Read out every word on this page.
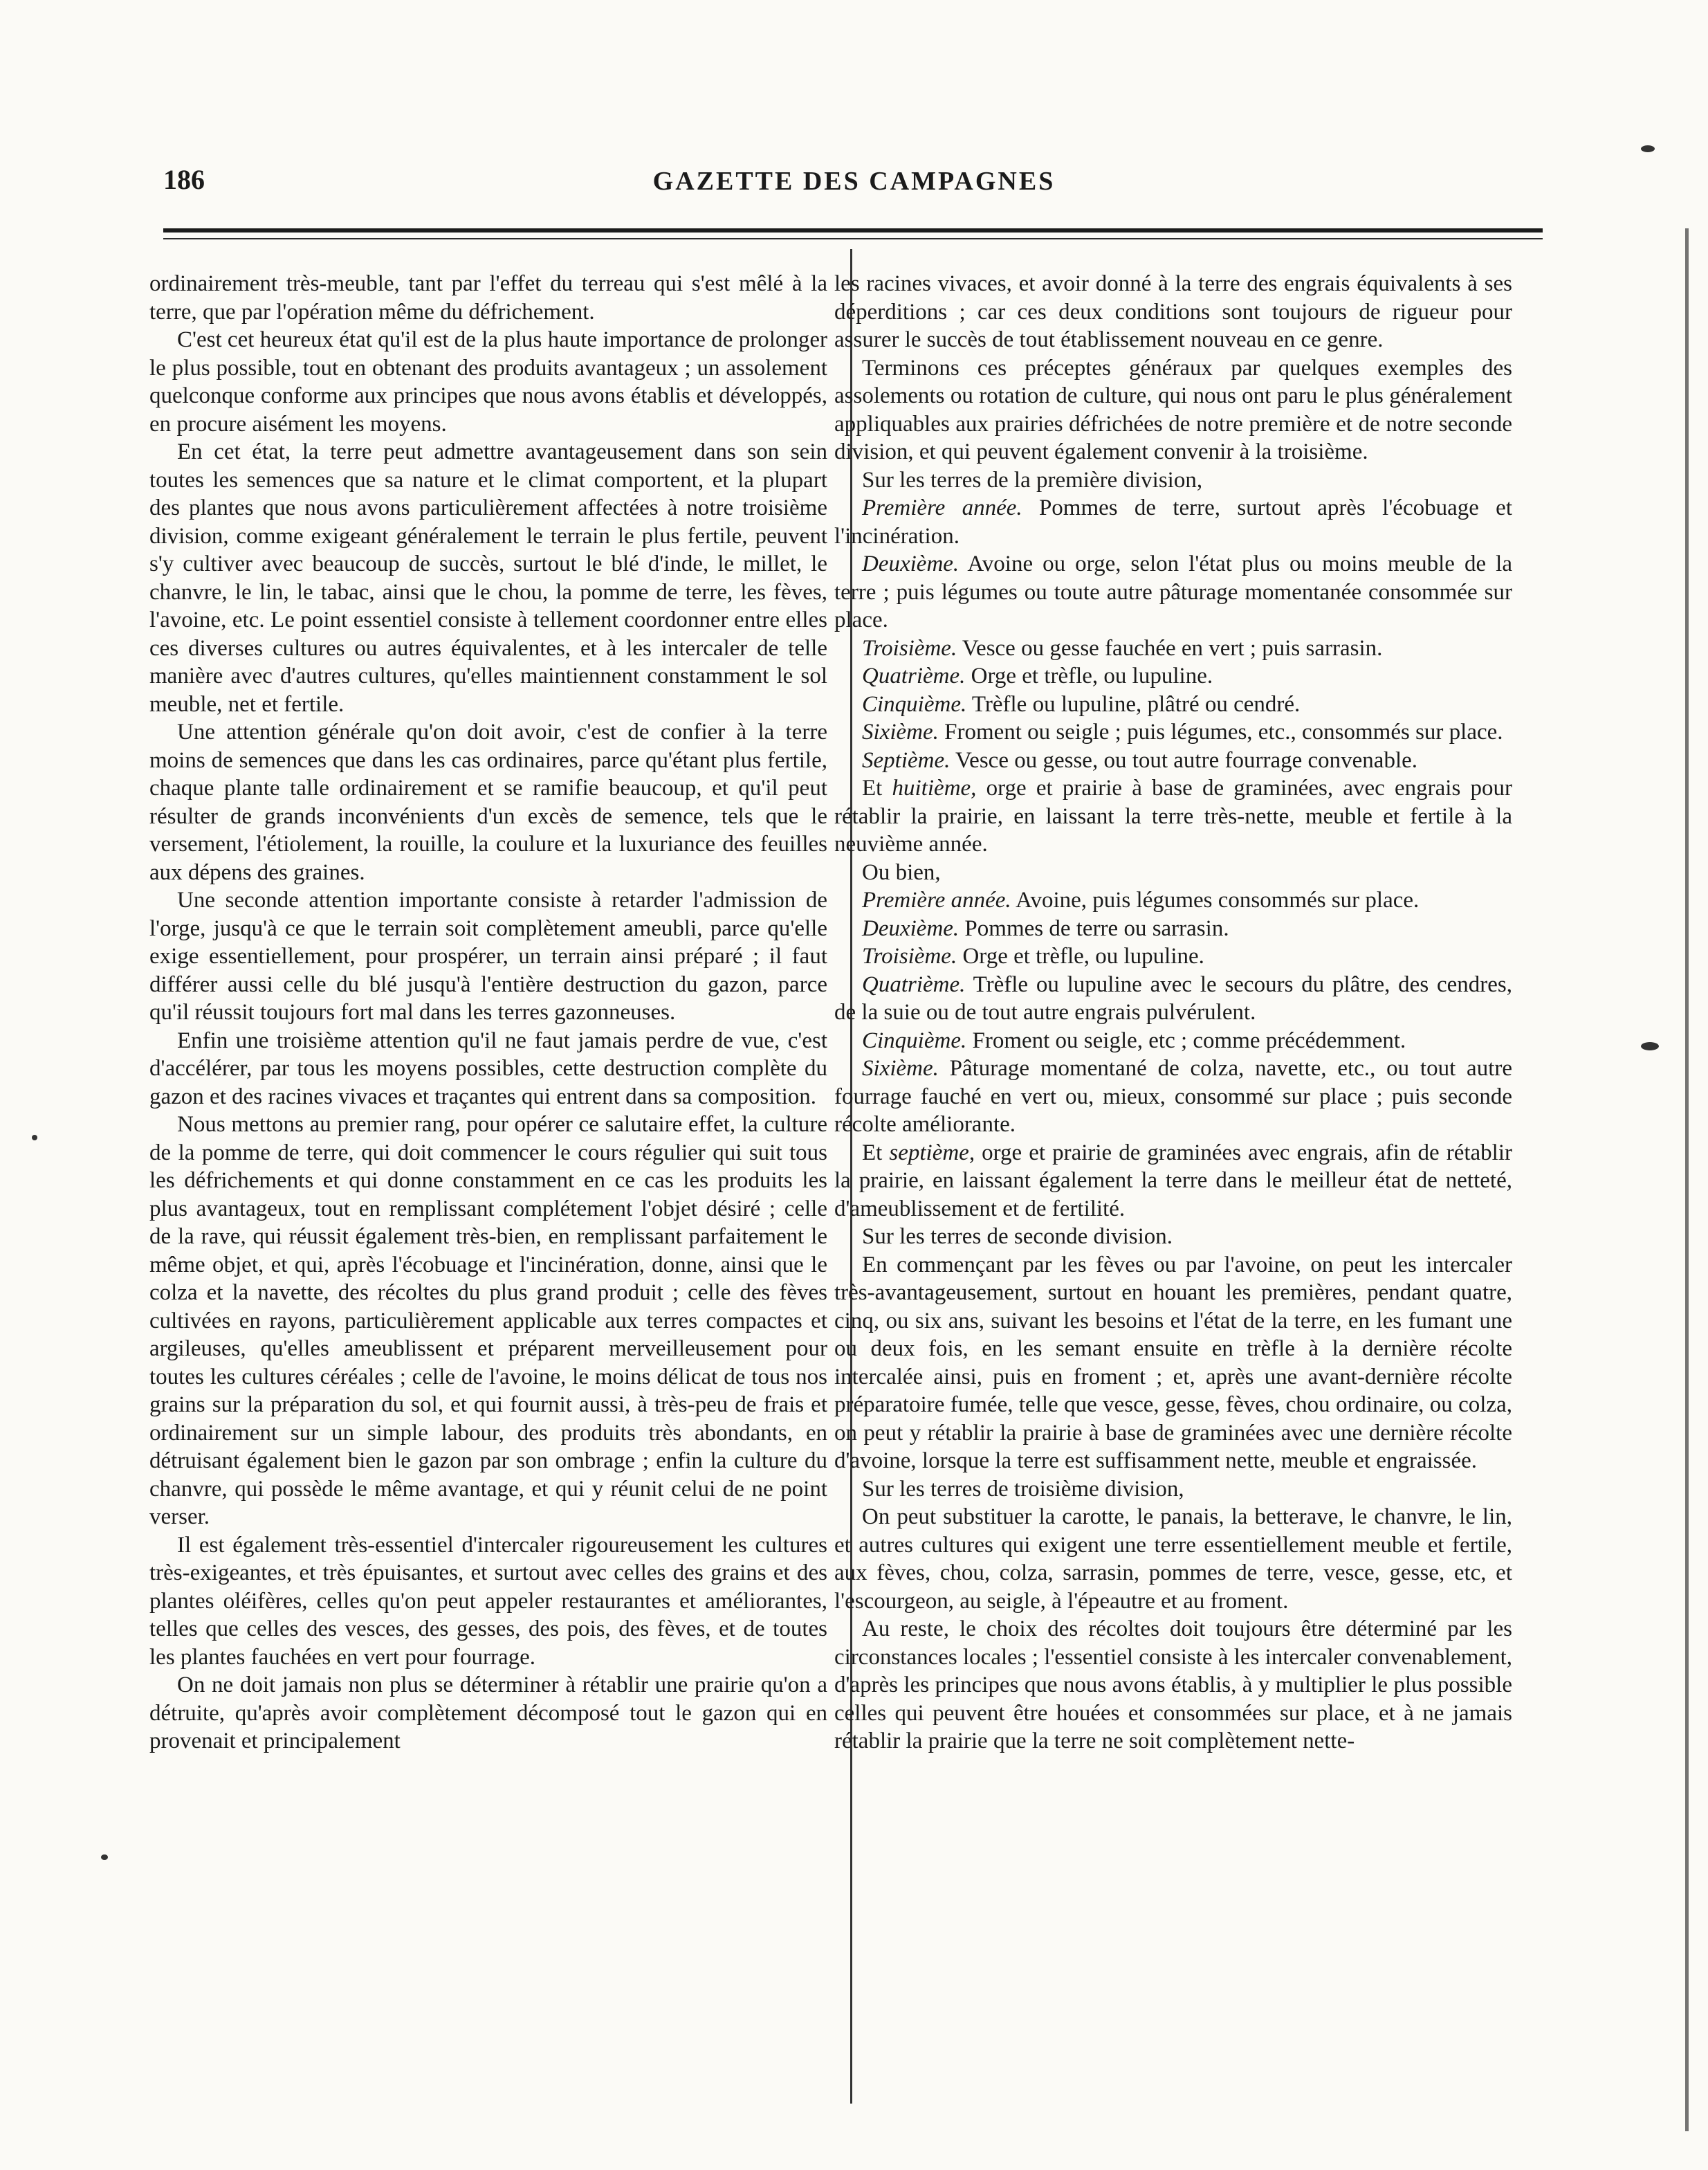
186	GAZETTE DES CAMPAGNES

ordinairement très-meuble, tant par l'effet du terreau qui s'est mêlé à la terre, que par l'opération même du défrichement.

C'est cet heureux état qu'il est de la plus haute importance de prolonger le plus possible, tout en obtenant des produits avantageux ; un assolement quelconque conforme aux principes que nous avons établis et développés, en procure aisément les moyens.

En cet état, la terre peut admettre avantageusement dans son sein toutes les semences que sa nature et le climat comportent, et la plupart des plantes que nous avons particulièrement affectées à notre troisième division, comme exigeant généralement le terrain le plus fertile, peuvent s'y cultiver avec beaucoup de succès, surtout le blé d'inde, le millet, le chanvre, le lin, le tabac, ainsi que le chou, la pomme de terre, les fèves, l'avoine, etc. Le point essentiel consiste à tellement coordonner entre elles ces diverses cultures ou autres équivalentes, et à les intercaler de telle manière avec d'autres cultures, qu'elles maintiennent constamment le sol meuble, net et fertile.

Une attention générale qu'on doit avoir, c'est de confier à la terre moins de semences que dans les cas ordinaires, parce qu'étant plus fertile, chaque plante talle ordinairement et se ramifie beaucoup, et qu'il peut résulter de grands inconvénients d'un excès de semence, tels que le versement, l'étiolement, la rouille, la coulure et la luxuriance des feuilles aux dépens des graines.

Une seconde attention importante consiste à retarder l'admission de l'orge, jusqu'à ce que le terrain soit complètement ameubli, parce qu'elle exige essentiellement, pour prospérer, un terrain ainsi préparé ; il faut différer aussi celle du blé jusqu'à l'entière destruction du gazon, parce qu'il réussit toujours fort mal dans les terres gazonneuses.

Enfin une troisième attention qu'il ne faut jamais perdre de vue, c'est d'accélérer, par tous les moyens possibles, cette destruction complète du gazon et des racines vivaces et traçantes qui entrent dans sa composition.

Nous mettons au premier rang, pour opérer ce salutaire effet, la culture de la pomme de terre, qui doit commencer le cours régulier qui suit tous les défrichements et qui donne constamment en ce cas les produits les plus avantageux, tout en remplissant complétement l'objet désiré ; celle de la rave, qui réussit également très-bien, en remplissant parfaitement le même objet, et qui, après l'écobuage et l'incinération, donne, ainsi que le colza et la navette, des récoltes du plus grand produit ; celle des fèves cultivées en rayons, particulièrement applicable aux terres compactes et argileuses, qu'elles ameublissent et préparent merveilleusement pour toutes les cultures céréales ; celle de l'avoine, le moins délicat de tous nos grains sur la préparation du sol, et qui fournit aussi, à très-peu de frais et ordinairement sur un simple labour, des produits très abondants, en détruisant également bien le gazon par son ombrage ; enfin la culture du chanvre, qui possède le même avantage, et qui y réunit celui de ne point verser.

Il est également très-essentiel d'intercaler rigoureusement les cultures très-exigeantes, et très épuisantes, et surtout avec celles des grains et des plantes oléifères, celles qu'on peut appeler restaurantes et améliorantes, telles que celles des vesces, des gesses, des pois, des fèves, et de toutes les plantes fauchées en vert pour fourrage.

On ne doit jamais non plus se déterminer à rétablir une prairie qu'on a détruite, qu'après avoir complètement décomposé tout le gazon qui en provenait et principalement

les racines vivaces, et avoir donné à la terre des engrais équivalents à ses déperditions ; car ces deux conditions sont toujours de rigueur pour assurer le succès de tout établissement nouveau en ce genre.

Terminons ces préceptes généraux par quelques exemples des assolements ou rotation de culture, qui nous ont paru le plus généralement appliquables aux prairies défrichées de notre première et de notre seconde division, et qui peuvent également convenir à la troisième.

Sur les terres de la première division,

Première année. Pommes de terre, surtout après l'écobuage et l'incinération.

Deuxième. Avoine ou orge, selon l'état plus ou moins meuble de la terre ; puis légumes ou toute autre pâturage momentanée consommée sur place.

Troisième. Vesce ou gesse fauchée en vert ; puis sarrasin.

Quatrième. Orge et trèfle, ou lupuline.

Cinquième. Trèfle ou lupuline, plâtré ou cendré.

Sixième. Froment ou seigle ; puis légumes, etc., consommés sur place.

Septième. Vesce ou gesse, ou tout autre fourrage convenable.

Et huitième, orge et prairie à base de graminées, avec engrais pour rétablir la prairie, en laissant la terre très-nette, meuble et fertile à la neuvième année.

Ou bien,

Première année. Avoine, puis légumes consommés sur place.

Deuxième. Pommes de terre ou sarrasin.

Troisième. Orge et trèfle, ou lupuline.

Quatrième. Trèfle ou lupuline avec le secours du plâtre, des cendres, de la suie ou de tout autre engrais pulvérulent.

Cinquième. Froment ou seigle, etc ; comme précédemment.

Sixième. Pâturage momentané de colza, navette, etc., ou tout autre fourrage fauché en vert ou, mieux, consommé sur place ; puis seconde récolte améliorante.

Et septième, orge et prairie de graminées avec engrais, afin de rétablir la prairie, en laissant également la terre dans le meilleur état de netteté, d'ameublissement et de fertilité.

Sur les terres de seconde division.

En commençant par les fèves ou par l'avoine, on peut les intercaler très-avantageusement, surtout en houant les premières, pendant quatre, cinq, ou six ans, suivant les besoins et l'état de la terre, en les fumant une ou deux fois, en les semant ensuite en trèfle à la dernière récolte intercalée ainsi, puis en froment ; et, après une avant-dernière récolte préparatoire fumée, telle que vesce, gesse, fèves, chou ordinaire, ou colza, on peut y rétablir la prairie à base de graminées avec une dernière récolte d'avoine, lorsque la terre est suffisamment nette, meuble et engraissée.

Sur les terres de troisième division,

On peut substituer la carotte, le panais, la betterave, le chanvre, le lin, et autres cultures qui exigent une terre essentiellement meuble et fertile, aux fèves, chou, colza, sarrasin, pommes de terre, vesce, gesse, etc, et l'escourgeon, au seigle, à l'épeautre et au froment.

Au reste, le choix des récoltes doit toujours être déterminé par les circonstances locales ; l'essentiel consiste à les intercaler convenablement, d'après les principes que nous avons établis, à y multiplier le plus possible celles qui peuvent être houées et consommées sur place, et à ne jamais rétablir la prairie que la terre ne soit complètement nette-
